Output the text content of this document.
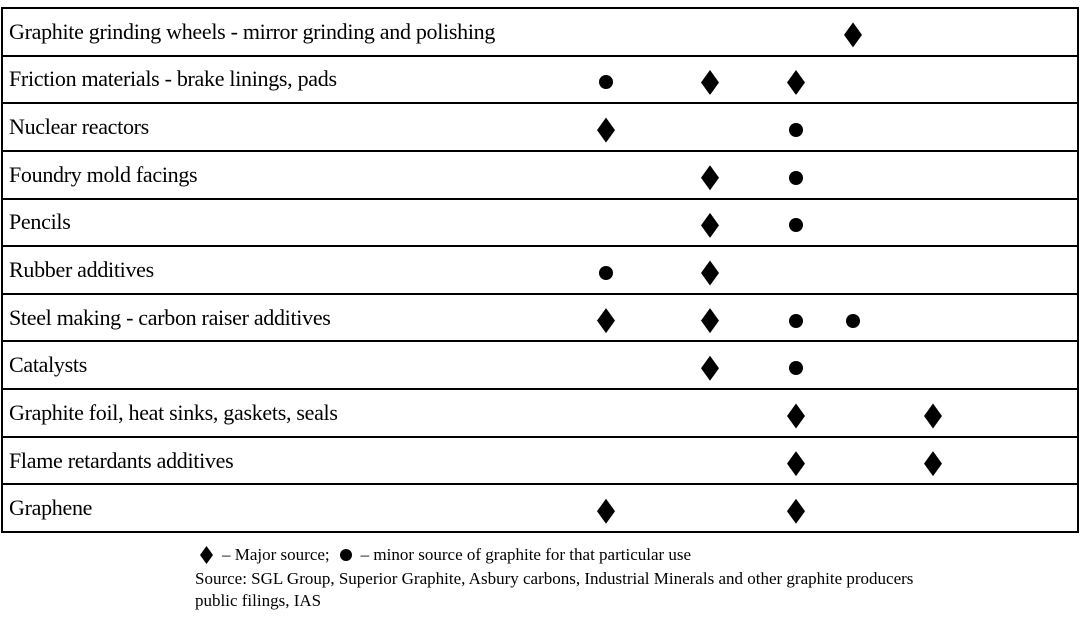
Graphite grinding wheels - mirror grinding and polishing
Friction materials - brake linings, pads
Nuclear reactors
Foundry mold facings
Pencils
Rubber additives
Steel making - carbon raiser additives
Catalysts
Graphite foil, heat sinks, gaskets, seals
Flame retardants additives
Graphene
– Major source; – minor source of graphite for that particular use
Source: SGL Group, Superior Graphite, Asbury carbons, Industrial Minerals and other graphite producers
public filings, IAS
